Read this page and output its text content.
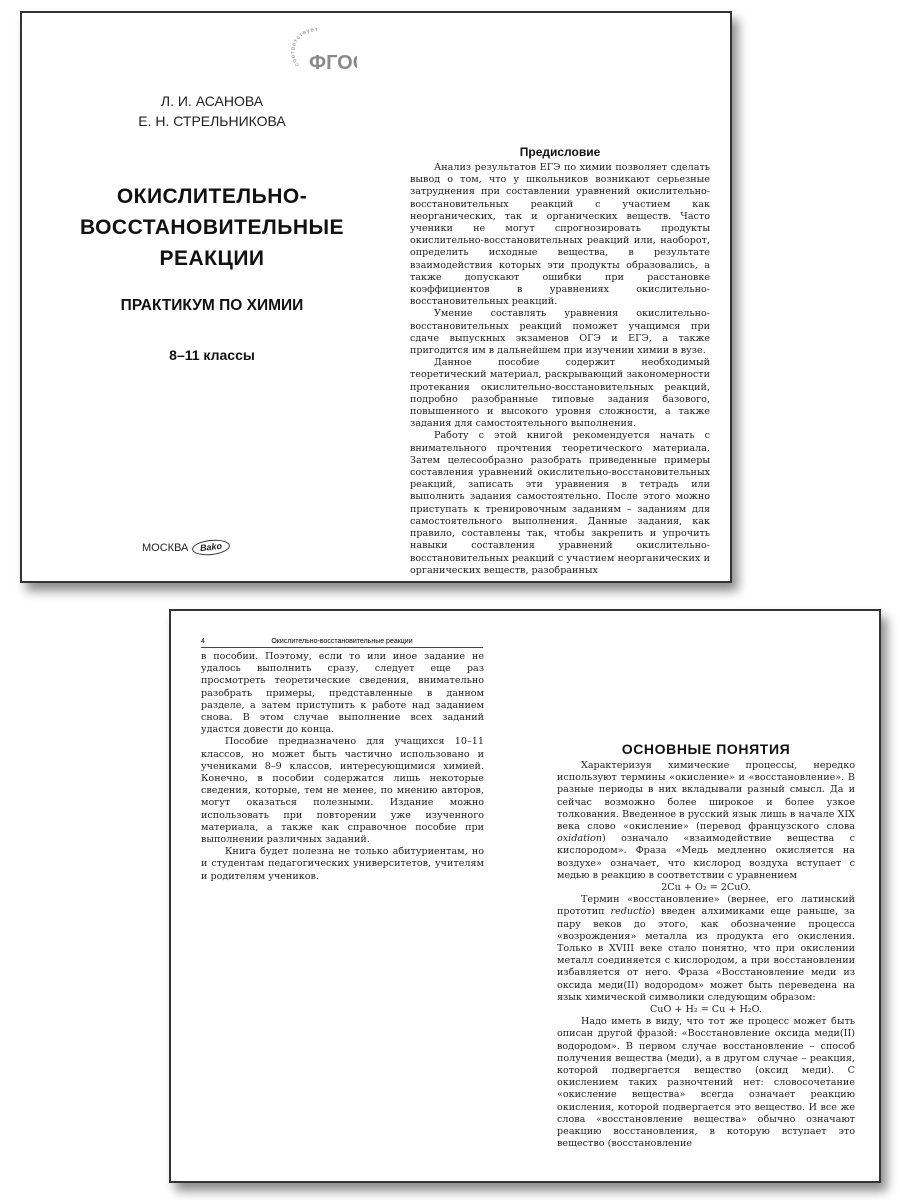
соответствует
ФГО
Л. И. АСАНОВА
Е. Н. СТРЕЛЬНИКОВА
ОКИСЛИТЕЛЬНО-
ВОССТАНОВИТЕЛЬНЫЕ
РЕАКЦИИ
ПРАКТИКУМ ПО ХИМИИ
8–11 классы
МОСКВА	Bako
Предисловие

Анализ результатов ЕГЭ по химии позволяет сделать вывод о том, что у школьников возникают серьезные затруднения при составлении уравнений окислительно-восстановительных реакций с участием как неорганических, так и органических веществ. Часто ученики не могут спрогнозировать продукты окислительно-восстановительных реакций или, наоборот, определить исходные вещества, в результате взаимодействия которых эти продукты образовались, а также допускают ошибки при расстановке коэффициентов в уравнениях окислительно-восстановительных реакций.

Умение составлять уравнения окислительно-восстановительных реакций поможет учащимся при сдаче выпускных экзаменов ОГЭ и ЕГЭ, а также пригодится им в дальнейшем при изучении химии в вузе.

Данное пособие содержит необходимый теоретический материал, раскрывающий закономерности протекания окислительно-восстановительных реакций, подробно разобранные типовые задания базового, повышенного и высокого уровня сложности, а также задания для самостоятельного выполнения.

Работу с этой книгой рекомендуется начать с внимательного прочтения теоретического материала. Затем целесообразно разобрать приведенные примеры составления уравнений окислительно-восстановительных реакций, записать эти уравнения в тетрадь или выполнить задания самостоятельно. После этого можно приступать к тренировочным заданиям – заданиям для самостоятельного выполнения. Данные задания, как правило, составлены так, чтобы закрепить и упрочить навыки составления уравнений окислительно-восстановительных реакций с участием неорганических и органических веществ, разобранных

4	Окислительно-восстановительные реакции

в пособии. Поэтому, если то или иное задание не удалось выполнить сразу, следует еще раз просмотреть теоретические сведения, внимательно разобрать примеры, представленные в данном разделе, а затем приступить к работе над заданием снова. В этом случае выполнение всех заданий удастся довести до конца.

Пособие предназначено для учащихся 10–11 классов, но может быть частично использовано и учениками 8–9 классов, интересующимися химией. Конечно, в пособии содержатся лишь некоторые сведения, которые, тем не менее, по мнению авторов, могут оказаться полезными. Издание можно использовать при повторении уже изученного материала, а также как справочное пособие при выполнении различных заданий.

Книга будет полезна не только абитуриентам, но и студентам педагогических университетов, учителям и родителям учеников.

ОСНОВНЫЕ ПОНЯТИЯ

Характеризуя химические процессы, нередко используют термины «окисление» и «восстановление». В разные периоды в них вкладывали разный смысл. Да и сейчас возможно более широкое и более узкое толкования. Введенное в русский язык лишь в начале XIX века слово «окисление» (перевод французского слова oxidation) означало «взаимодействие вещества с кислородом». Фраза «Медь медленно окисляется на воздухе» означает, что кислород воздуха вступает с медью в реакцию в соответствии с уравнением

2Cu + O₂ = 2CuO.

Термин «восстановление» (вернее, его латинский прототип reductio) введен алхимиками еще раньше, за пару веков до этого, как обозначение процесса «возрождения» металла из продукта его окисления. Только в XVIII веке стало понятно, что при окислении металл соединяется с кислородом, а при восстановлении избавляется от него. Фраза «Восстановление меди из оксида меди(II) водородом» может быть переведена на язык химической символики следующим образом:

CuO + H₂ = Cu + H₂O.

Надо иметь в виду, что тот же процесс может быть описан другой фразой: «Восстановление оксида меди(II) водородом». В первом случае восстановление – способ получения вещества (меди), а в другом случае – реакция, которой подвергается вещество (оксид меди). С окислением таких разночтений нет: словосочетание «окисление вещества» всегда означает реакцию окисления, которой подвергается это вещество. И все же слова «восстановление вещества» обычно означают реакцию восстановления, в которую вступает это вещество (восстановление
